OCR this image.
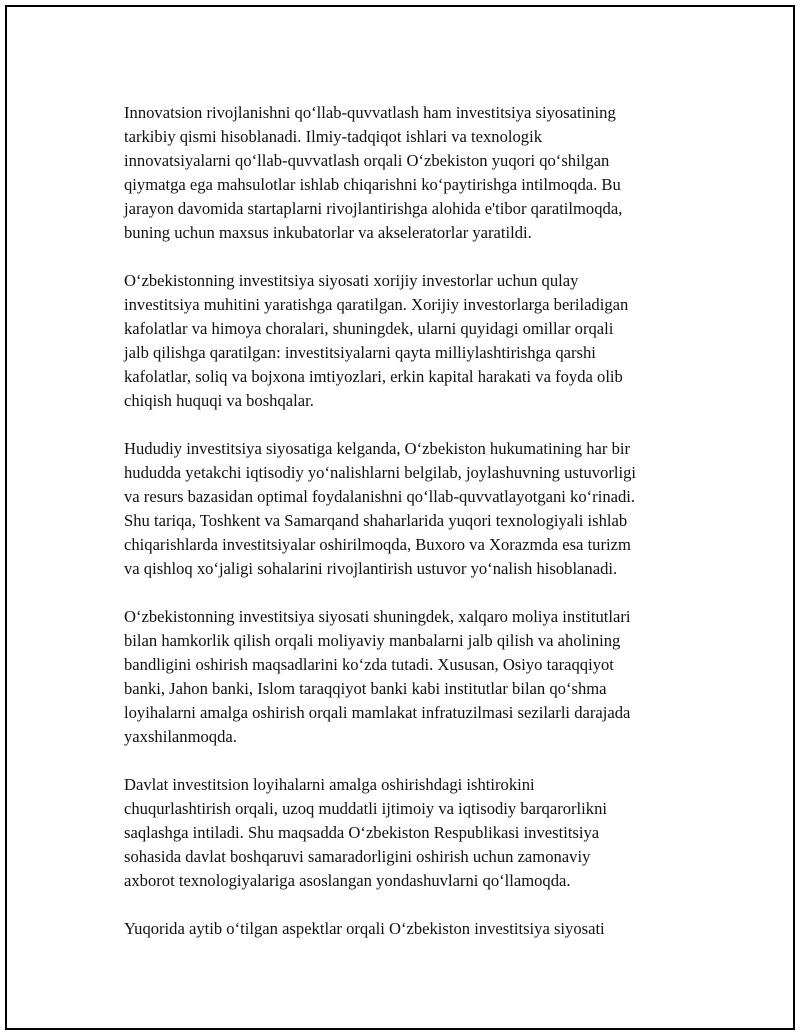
Innovatsion rivojlanishni qo‘llab-quvvatlash ham investitsiya siyosatining
tarkibiy qismi hisoblanadi. Ilmiy-tadqiqot ishlari va texnologik
innovatsiyalarni qo‘llab-quvvatlash orqali O‘zbekiston yuqori qo‘shilgan
qiymatga ega mahsulotlar ishlab chiqarishni ko‘paytirishga intilmoqda. Bu
jarayon davomida startaplarni rivojlantirishga alohida e'tibor qaratilmoqda,
buning uchun maxsus inkubatorlar va akseleratorlar yaratildi.
O‘zbekistonning investitsiya siyosati xorijiy investorlar uchun qulay
investitsiya muhitini yaratishga qaratilgan. Xorijiy investorlarga beriladigan
kafolatlar va himoya choralari, shuningdek, ularni quyidagi omillar orqali
jalb qilishga qaratilgan: investitsiyalarni qayta milliylashtirishga qarshi
kafolatlar, soliq va bojxona imtiyozlari, erkin kapital harakati va foyda olib
chiqish huquqi va boshqalar.
Hududiy investitsiya siyosatiga kelganda, O‘zbekiston hukumatining har bir
hududda yetakchi iqtisodiy yo‘nalishlarni belgilab, joylashuvning ustuvorligi
va resurs bazasidan optimal foydalanishni qo‘llab-quvvatlayotgani ko‘rinadi.
Shu tariqa, Toshkent va Samarqand shaharlarida yuqori texnologiyali ishlab
chiqarishlarda investitsiyalar oshirilmoqda, Buxoro va Xorazmda esa turizm
va qishloq xo‘jaligi sohalarini rivojlantirish ustuvor yo‘nalish hisoblanadi.
O‘zbekistonning investitsiya siyosati shuningdek, xalqaro moliya institutlari
bilan hamkorlik qilish orqali moliyaviy manbalarni jalb qilish va aholining
bandligini oshirish maqsadlarini ko‘zda tutadi. Xususan, Osiyo taraqqiyot
banki, Jahon banki, Islom taraqqiyot banki kabi institutlar bilan qo‘shma
loyihalarni amalga oshirish orqali mamlakat infratuzilmasi sezilarli darajada
yaxshilanmoqda.
Davlat investitsion loyihalarni amalga oshirishdagi ishtirokini
chuqurlashtirish orqali, uzoq muddatli ijtimoiy va iqtisodiy barqarorlikni
saqlashga intiladi. Shu maqsadda O‘zbekiston Respublikasi investitsiya
sohasida davlat boshqaruvi samaradorligini oshirish uchun zamonaviy
axborot texnologiyalariga asoslangan yondashuvlarni qo‘llamoqda.
Yuqorida aytib o‘tilgan aspektlar orqali O‘zbekiston investitsiya siyosati
